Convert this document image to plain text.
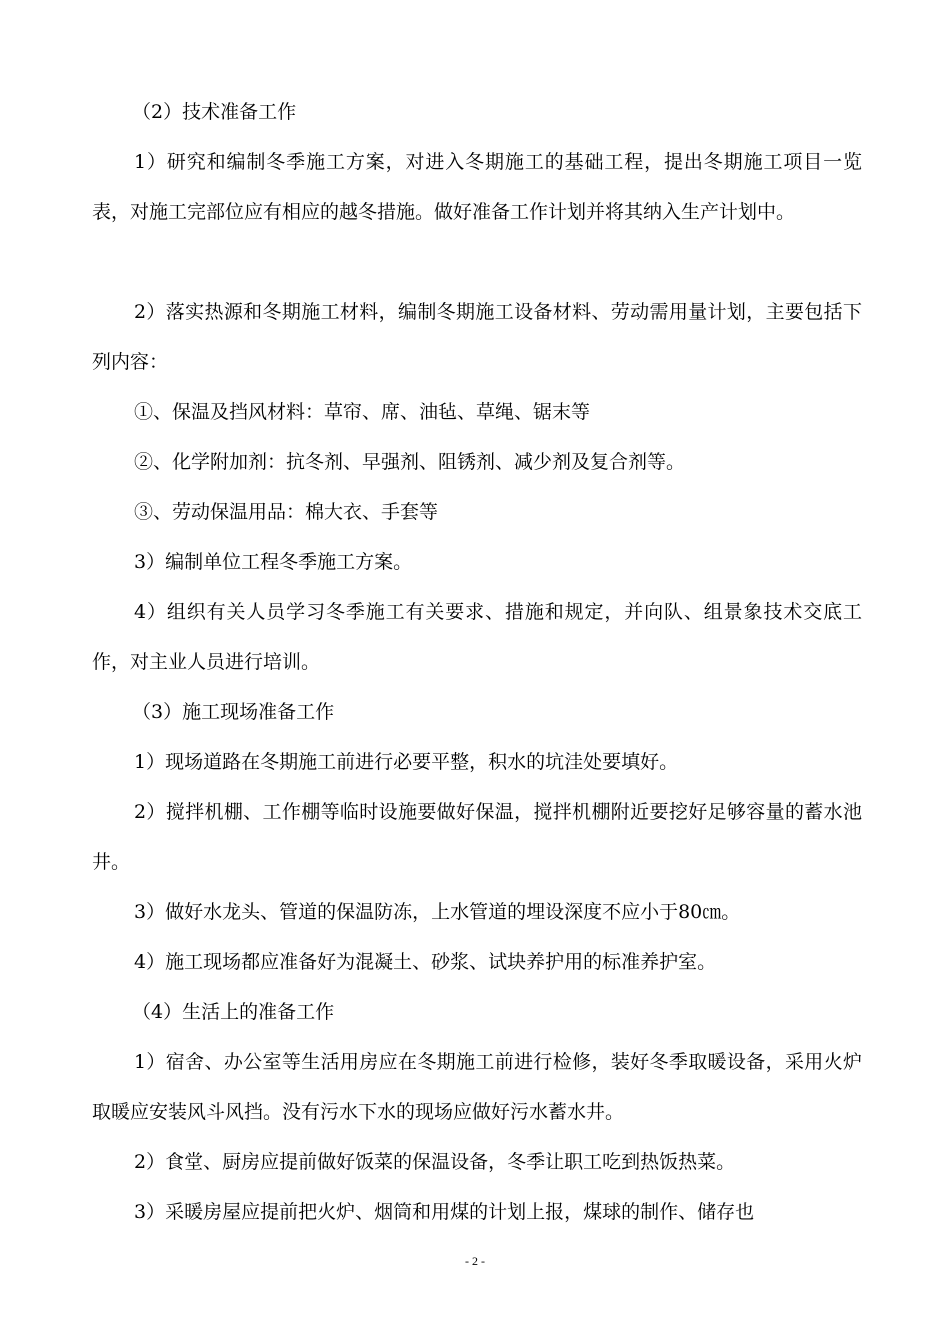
（2）技术准备工作

1）研究和编制冬季施工方案，对进入冬期施工的基础工程，提出冬期施工项目一览表，对施工完部位应有相应的越冬措施。做好准备工作计划并将其纳入生产计划中。

2）落实热源和冬期施工材料，编制冬期施工设备材料、劳动需用量计划，主要包括下列内容：

①、保温及挡风材料：草帘、席、油毡、草绳、锯末等

②、化学附加剂：抗冬剂、早强剂、阻锈剂、减少剂及复合剂等。

③、劳动保温用品：棉大衣、手套等

3）编制单位工程冬季施工方案。

4）组织有关人员学习冬季施工有关要求、措施和规定，并向队、组景象技术交底工作，对主业人员进行培训。

（3）施工现场准备工作

1）现场道路在冬期施工前进行必要平整，积水的坑洼处要填好。

2）搅拌机棚、工作棚等临时设施要做好保温，搅拌机棚附近要挖好足够容量的蓄水池井。

3）做好水龙头、管道的保温防冻，上水管道的埋设深度不应小于80㎝。

4）施工现场都应准备好为混凝土、砂浆、试块养护用的标准养护室。

（4）生活上的准备工作

1）宿舍、办公室等生活用房应在冬期施工前进行检修，装好冬季取暖设备，采用火炉取暖应安装风斗风挡。没有污水下水的现场应做好污水蓄水井。

2）食堂、厨房应提前做好饭菜的保温设备，冬季让职工吃到热饭热菜。

3）采暖房屋应提前把火炉、烟筒和用煤的计划上报，煤球的制作、储存也

- 2 -
